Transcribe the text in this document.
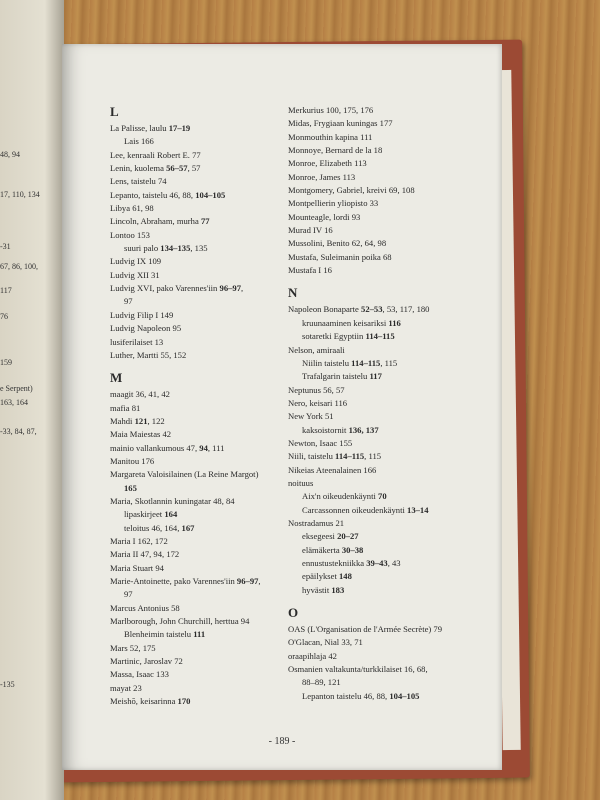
48, 94
17, 110, 134
-31
67, 86, 100,
117
76
159
e Serpent)
163, 164
-33, 84, 87,
-135
L
La Palisse, laulu 17–19
Lais 166
Lee, kenraali Robert E. 77
Lenin, kuolema 56–57, 57
Lens, taistelu 74
Lepanto, taistelu 46, 88, 104–105
Libya 61, 98
Lincoln, Abraham, murha 77
Lontoo 153
suuri palo 134–135, 135
Ludvig IX 109
Ludvig XII 31
Ludvig XVI, pako Varennes'iin 96–97,
97
Ludvig Filip I 149
Ludvig Napoleon 95
lusiferilaiset 13
Luther, Martti 55, 152
M
maagit 36, 41, 42
mafia 81
Mahdi 121, 122
Maia Maiestas 42
mainio vallankumous 47, 94, 111
Manitou 176
Margareta Valoisilainen (La Reine Margot)
165
Maria, Skotlannin kuningatar 48, 84
lipaskirjeet 164
teloitus 46, 164, 167
Maria I 162, 172
Maria II 47, 94, 172
Maria Stuart 94
Marie-Antoinette, pako Varennes'iin 96–97,
97
Marcus Antonius 58
Marlborough, John Churchill, herttua 94
Blenheimin taistelu 111
Mars 52, 175
Martinic, Jaroslav 72
Massa, Isaac 133
mayat 23
Meishō, keisarinna 170
Merkurius 100, 175, 176
Midas, Frygiaan kuningas 177
Monmouthin kapina 111
Monnoye, Bernard de la 18
Monroe, Elizabeth 113
Monroe, James 113
Montgomery, Gabriel, kreivi 69, 108
Montpellierin yliopisto 33
Mounteagle, lordi 93
Murad IV 16
Mussolini, Benito 62, 64, 98
Mustafa, Suleimanin poika 68
Mustafa I 16
N
Napoleon Bonaparte 52–53, 53, 117, 180
kruunaaminen keisariksi 116
sotaretki Egyptiin 114–115
Nelson, amiraali
Niilin taistelu 114–115, 115
Trafalgarin taistelu 117
Neptunus 56, 57
Nero, keisari 116
New York 51
kaksoistornit 136, 137
Newton, Isaac 155
Niili, taistelu 114–115, 115
Nikeias Ateenalainen 166
noituus
Aix'n oikeudenkäynti 70
Carcassonnen oikeudenkäynti 13–14
Nostradamus 21
eksegeesi 20–27
elämäkerta 30–38
ennustustekniikka 39–43, 43
epäilykset 148
hyvästit 183
O
OAS (L'Organisation de l'Armée Secrète) 79
O'Glacan, Nial 33, 71
oraapihlaja 42
Osmanien valtakunta/turkkilaiset 16, 68,
88–89, 121
Lepanton taistelu 46, 88, 104–105
- 189 -
